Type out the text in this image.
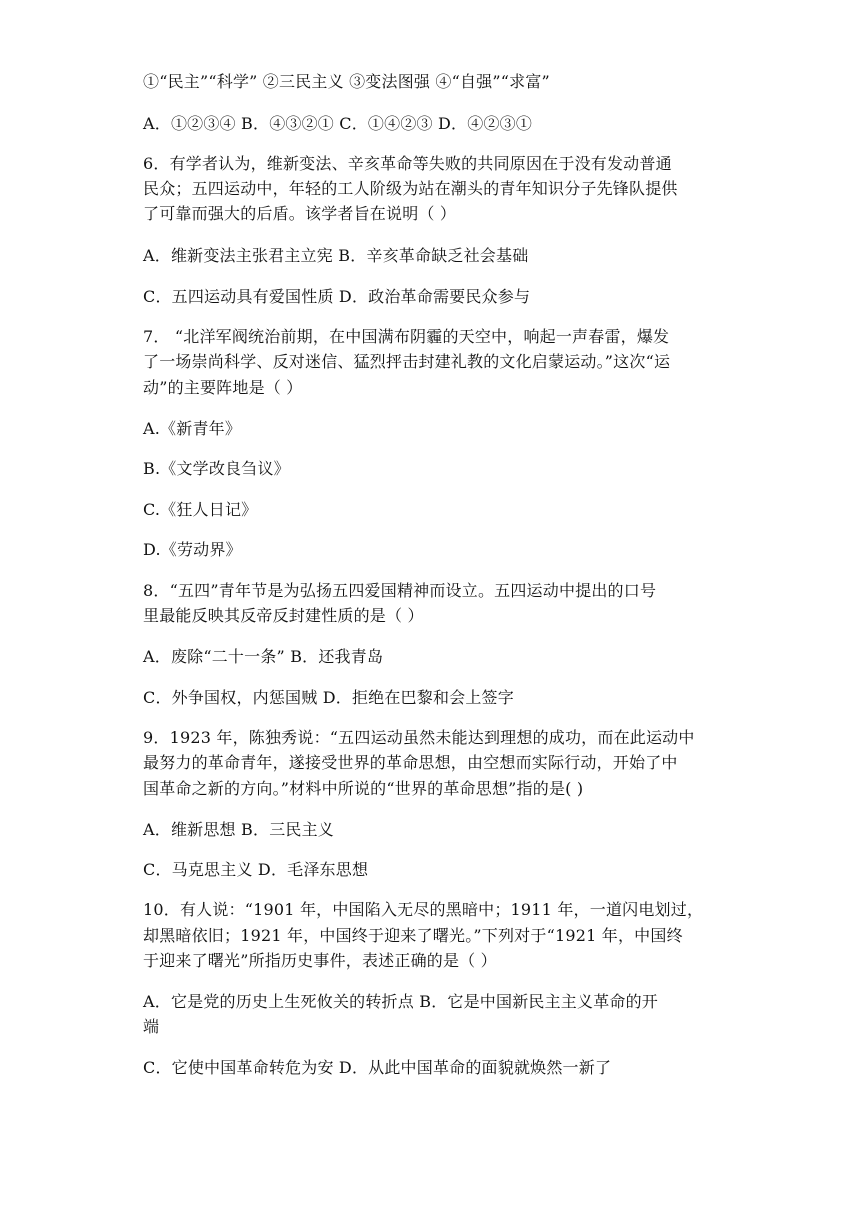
①“民主”“科学” ②三民主义 ③变法图强 ④“自强”“求富”
A．①②③④ B．④③②① C．①④②③ D．④②③①
6．有学者认为，维新变法、辛亥革命等失败的共同原因在于没有发动普通
民众；五四运动中，年轻的工人阶级为站在潮头的青年知识分子先锋队提供
了可靠而强大的后盾。该学者旨在说明（ ）
A．维新变法主张君主立宪 B．辛亥革命缺乏社会基础
C．五四运动具有爱国性质 D．政治革命需要民众参与
7． “北洋军阀统治前期，在中国满布阴霾的天空中，响起一声春雷，爆发
了一场崇尚科学、反对迷信、猛烈抨击封建礼教的文化启蒙运动。”这次“运
动”的主要阵地是（ ）
A.《新青年》
B.《文学改良刍议》
C.《狂人日记》
D.《劳动界》
8．“五四”青年节是为弘扬五四爱国精神而设立。五四运动中提出的口号
里最能反映其反帝反封建性质的是（ ）
A．废除“二十一条” B．还我青岛
C．外争国权，内惩国贼 D．拒绝在巴黎和会上签字
9．1923 年，陈独秀说：“五四运动虽然未能达到理想的成功，而在此运动中
最努力的革命青年，遂接受世界的革命思想，由空想而实际行动，开始了中
国革命之新的方向。”材料中所说的“世界的革命思想”指的是( )
A．维新思想 B．三民主义
C．马克思主义 D．毛泽东思想
10．有人说：“1901 年，中国陷入无尽的黑暗中；1911 年，一道闪电划过，
却黑暗依旧；1921 年，中国终于迎来了曙光。”下列对于“1921 年，中国终
于迎来了曙光”所指历史事件，表述正确的是（ ）
A．它是党的历史上生死攸关的转折点 B．它是中国新民主主义革命的开
端
C．它使中国革命转危为安 D．从此中国革命的面貌就焕然一新了
